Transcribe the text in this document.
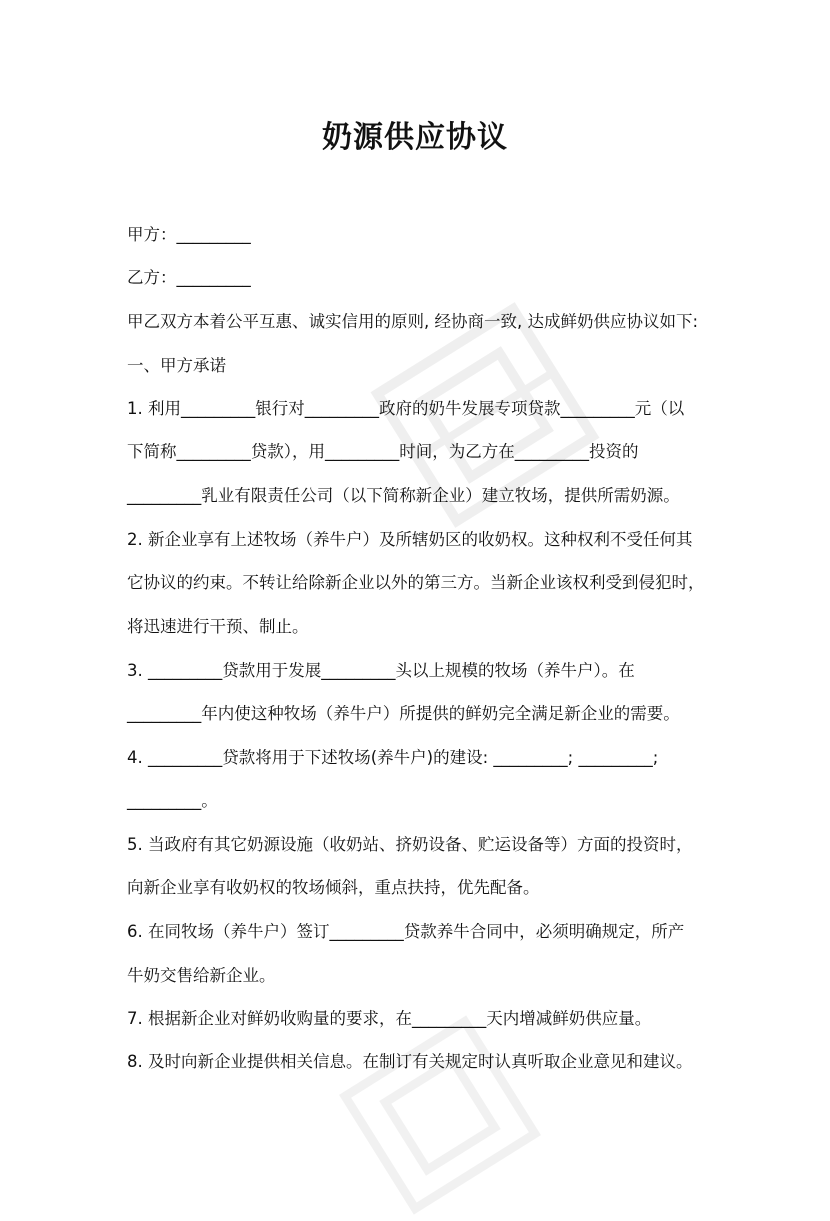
奶源供应协议
甲方：_________
乙方：_________
甲乙双方本着公平互惠、诚实信用的原则, 经协商一致, 达成鲜奶供应协议如下:
一、甲方承诺
1. 利用_________银行对_________政府的奶牛发展专项贷款_________元（以
下简称_________贷款），用_________时间，为乙方在_________投资的
_________乳业有限责任公司（以下简称新企业）建立牧场，提供所需奶源。
2. 新企业享有上述牧场（养牛户）及所辖奶区的收奶权。这种权利不受任何其
它协议的约束。不转让给除新企业以外的第三方。当新企业该权利受到侵犯时，
将迅速进行干预、制止。
3. _________贷款用于发展_________头以上规模的牧场（养牛户）。在
_________年内使这种牧场（养牛户）所提供的鲜奶完全满足新企业的需要。
4. _________贷款将用于下述牧场(养牛户)的建设: _________; _________;
_________。
5. 当政府有其它奶源设施（收奶站、挤奶设备、贮运设备等）方面的投资时，
向新企业享有收奶权的牧场倾斜，重点扶持，优先配备。
6. 在同牧场（养牛户）签订_________贷款养牛合同中，必须明确规定，所产
牛奶交售给新企业。
7. 根据新企业对鲜奶收购量的要求，在_________天内增减鲜奶供应量。
8. 及时向新企业提供相关信息。在制订有关规定时认真听取企业意见和建议。
